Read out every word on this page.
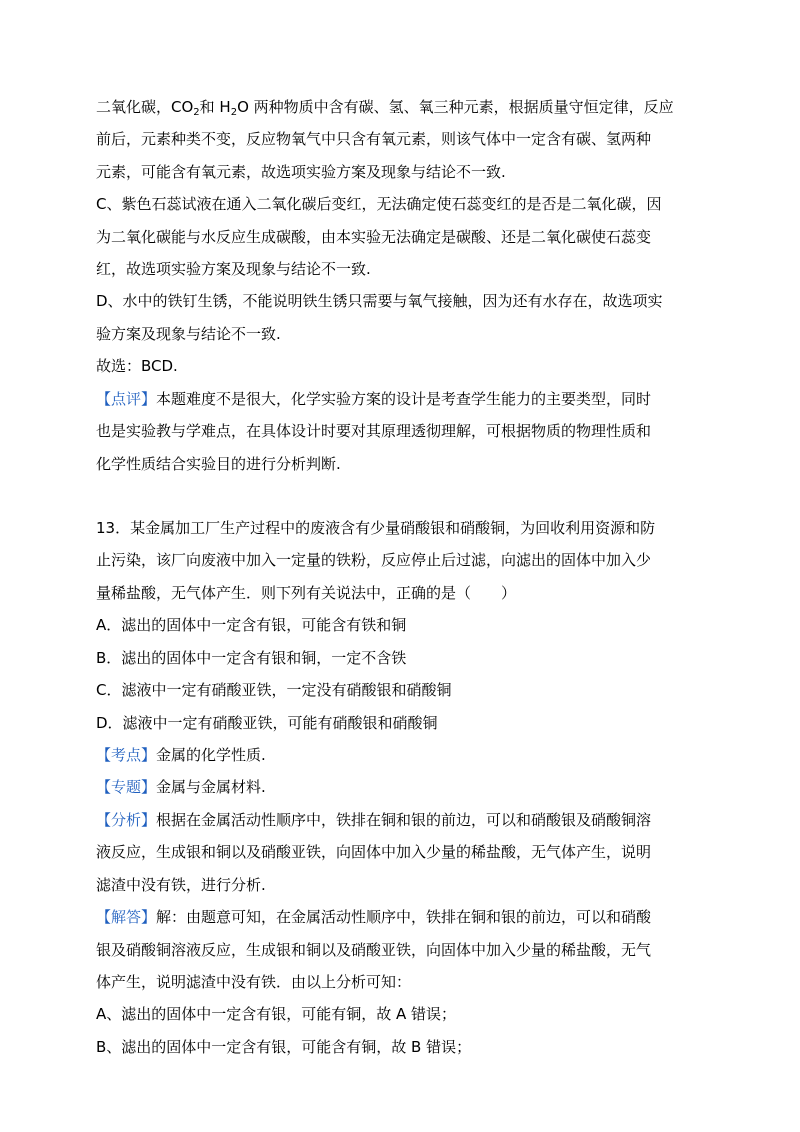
二氧化碳，$CO_2$和 $H_2O$ 两种物质中含有碳、氢、氧三种元素，根据质量守恒定律，反应
前后，元素种类不变，反应物氧气中只含有氧元素，则该气体中一定含有碳、氢两种
元素，可能含有氧元素，故选项实验方案及现象与结论不一致.
C、紫色石蕊试液在通入二氧化碳后变红，无法确定使石蕊变红的是否是二氧化碳，因
为二氧化碳能与水反应生成碳酸，由本实验无法确定是碳酸、还是二氧化碳使石蕊变
红，故选项实验方案及现象与结论不一致.
D、水中的铁钉生锈，不能说明铁生锈只需要与氧气接触，因为还有水存在，故选项实
验方案及现象与结论不一致.
故选：BCD.
【点评】本题难度不是很大，化学实验方案的设计是考查学生能力的主要类型，同时
也是实验教与学难点，在具体设计时要对其原理透彻理解，可根据物质的物理性质和
化学性质结合实验目的进行分析判断.
13．某金属加工厂生产过程中的废液含有少量硝酸银和硝酸铜，为回收利用资源和防
止污染，该厂向废液中加入一定量的铁粉，反应停止后过滤，向滤出的固体中加入少
量稀盐酸，无气体产生．则下列有关说法中，正确的是（　　）
A．滤出的固体中一定含有银，可能含有铁和铜
B．滤出的固体中一定含有银和铜，一定不含铁
C．滤液中一定有硝酸亚铁，一定没有硝酸银和硝酸铜
D．滤液中一定有硝酸亚铁，可能有硝酸银和硝酸铜
【考点】金属的化学性质.
【专题】金属与金属材料.
【分析】根据在金属活动性顺序中，铁排在铜和银的前边，可以和硝酸银及硝酸铜溶
液反应，生成银和铜以及硝酸亚铁，向固体中加入少量的稀盐酸，无气体产生，说明
滤渣中没有铁，进行分析.
【解答】解：由题意可知，在金属活动性顺序中，铁排在铜和银的前边，可以和硝酸
银及硝酸铜溶液反应，生成银和铜以及硝酸亚铁，向固体中加入少量的稀盐酸，无气
体产生，说明滤渣中没有铁．由以上分析可知：
A、滤出的固体中一定含有银，可能有铜，故 A 错误；
B、滤出的固体中一定含有银，可能含有铜，故 B 错误；
